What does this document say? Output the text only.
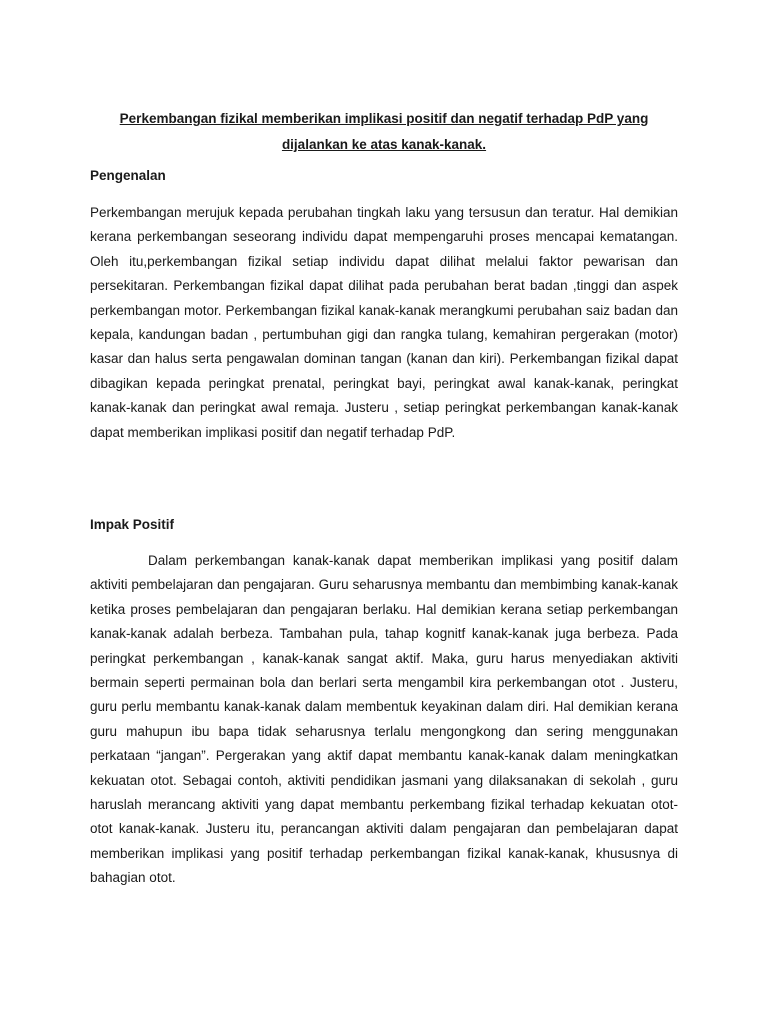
Perkembangan fizikal memberikan implikasi positif dan negatif terhadap PdP yang dijalankan ke atas kanak-kanak.
Pengenalan

Perkembangan merujuk kepada perubahan tingkah laku yang tersusun dan teratur. Hal demikian kerana perkembangan seseorang individu dapat mempengaruhi proses mencapai kematangan. Oleh itu,perkembangan fizikal setiap individu dapat dilihat melalui faktor pewarisan dan persekitaran. Perkembangan fizikal dapat dilihat pada perubahan berat badan ,tinggi dan aspek perkembangan motor. Perkembangan fizikal kanak-kanak merangkumi perubahan saiz badan dan kepala, kandungan badan , pertumbuhan gigi dan rangka tulang, kemahiran pergerakan (motor) kasar dan halus serta pengawalan dominan tangan (kanan dan kiri). Perkembangan fizikal dapat dibagikan kepada peringkat prenatal, peringkat bayi, peringkat awal kanak-kanak, peringkat kanak-kanak dan peringkat awal remaja. Justeru , setiap peringkat perkembangan kanak-kanak dapat memberikan implikasi positif dan negatif terhadap PdP.

Impak Positif

Dalam perkembangan kanak-kanak dapat memberikan implikasi yang positif dalam aktiviti pembelajaran dan pengajaran. Guru seharusnya membantu dan membimbing kanak-kanak ketika proses pembelajaran dan pengajaran berlaku. Hal demikian kerana setiap perkembangan kanak-kanak adalah berbeza. Tambahan pula, tahap kognitf kanak-kanak juga berbeza. Pada peringkat perkembangan , kanak-kanak sangat aktif. Maka, guru harus menyediakan aktiviti bermain seperti permainan bola dan berlari serta mengambil kira perkembangan otot . Justeru, guru perlu membantu kanak-kanak dalam membentuk keyakinan dalam diri. Hal demikian kerana guru mahupun ibu bapa tidak seharusnya terlalu mengongkong dan sering menggunakan perkataan “jangan”. Pergerakan yang aktif dapat membantu kanak-kanak dalam meningkatkan kekuatan otot. Sebagai contoh, aktiviti pendidikan jasmani yang dilaksanakan di sekolah , guru haruslah merancang aktiviti yang dapat membantu perkembang fizikal terhadap kekuatan otot- otot kanak-kanak. Justeru itu, perancangan aktiviti dalam pengajaran dan pembelajaran dapat memberikan implikasi yang positif terhadap perkembangan fizikal kanak-kanak, khususnya di bahagian otot.
